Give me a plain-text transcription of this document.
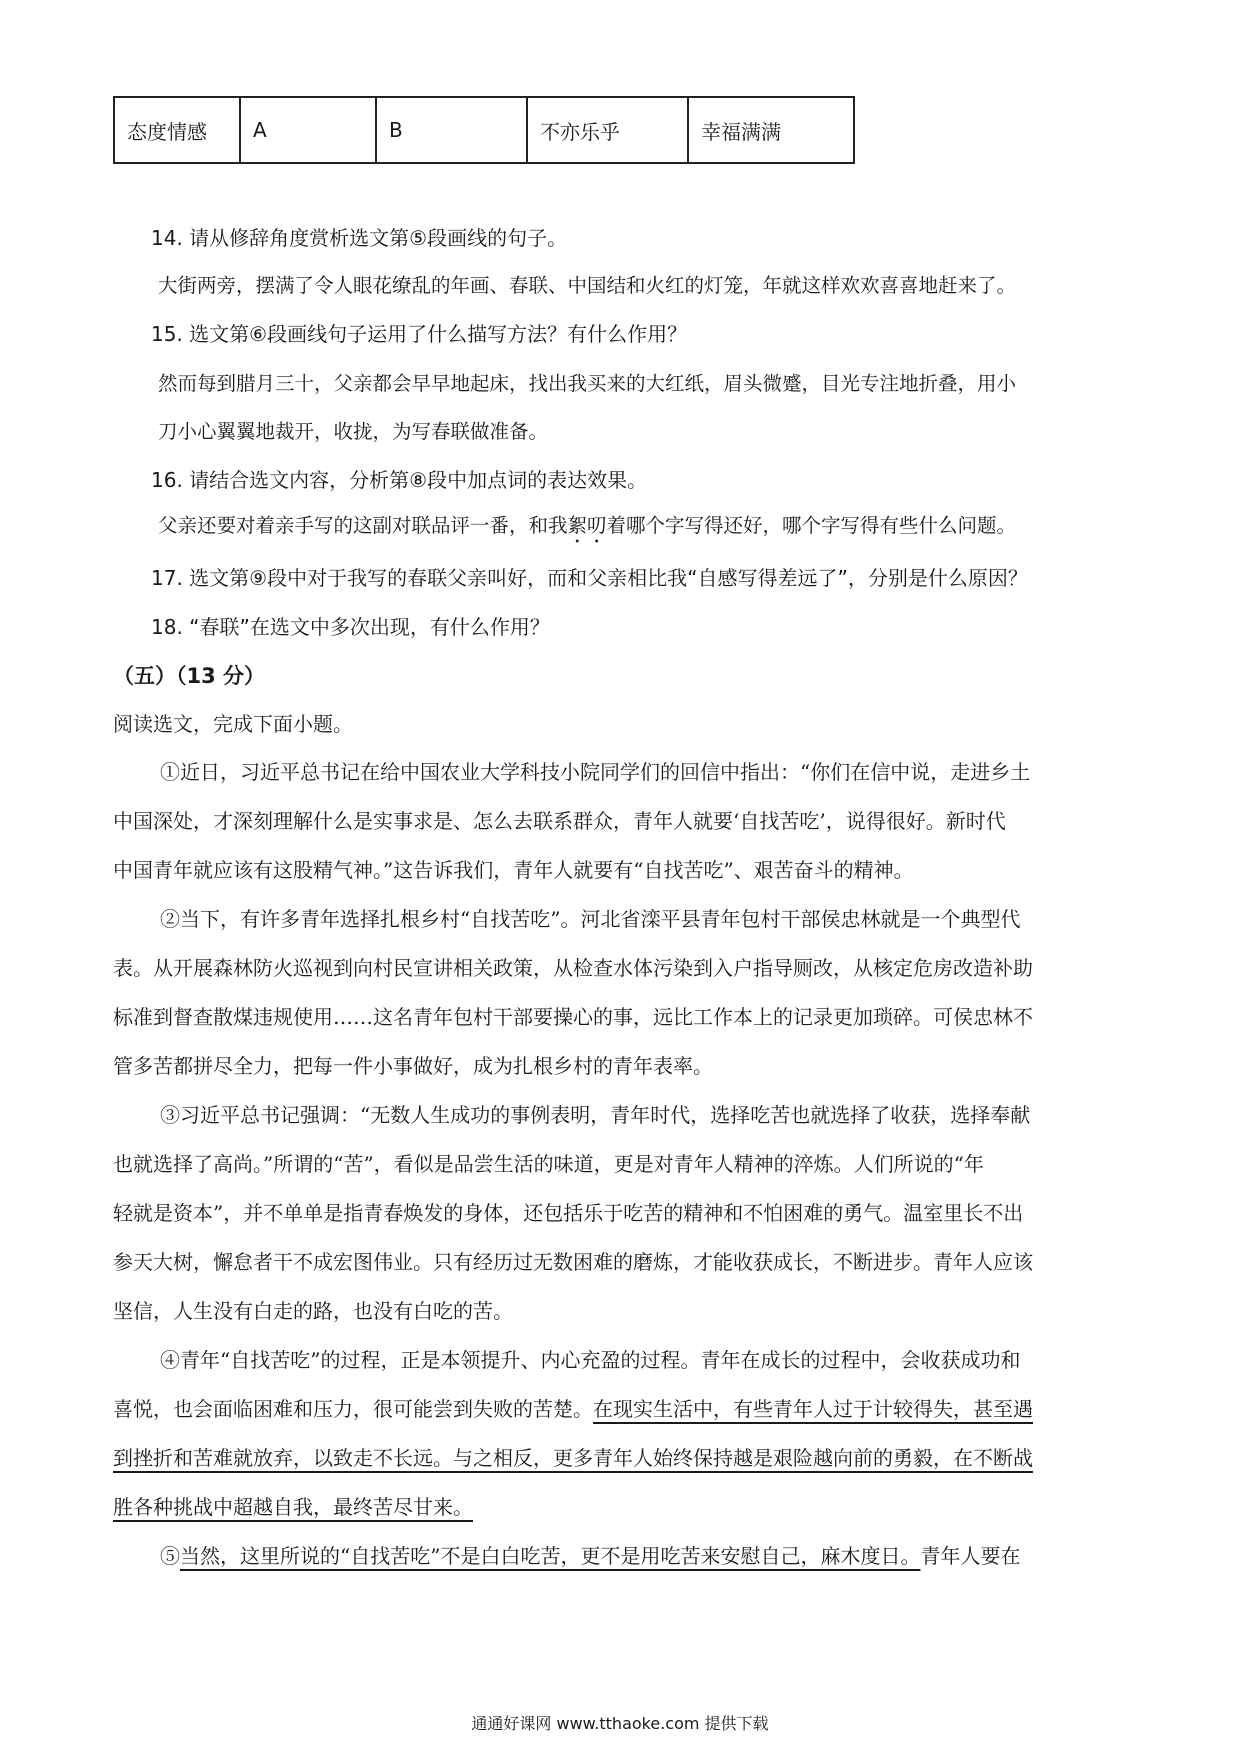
态度情感	A	B	不亦乐乎	幸福满满
14. 请从修辞角度赏析选文第⑤段画线的句子。
大街两旁，摆满了令人眼花缭乱的年画、春联、中国结和火红的灯笼，年就这样欢欢喜喜地赶来了。
15. 选文第⑥段画线句子运用了什么描写方法？有什么作用？
然而每到腊月三十，父亲都会早早地起床，找出我买来的大红纸，眉头微蹙，目光专注地折叠，用小
刀小心翼翼地裁开，收拢，为写春联做准备。
16. 请结合选文内容，分析第⑧段中加点词的表达效果。
父亲还要对着亲手写的这副对联品评一番，和我絮叨着哪个字写得还好，哪个字写得有些什么问题。
17. 选文第⑨段中对于我写的春联父亲叫好，而和父亲相比我“自感写得差远了”，分别是什么原因？
18. “春联”在选文中多次出现，有什么作用？
（五）（13 分）
阅读选文，完成下面小题。
①近日，习近平总书记在给中国农业大学科技小院同学们的回信中指出：“你们在信中说，走进乡土
中国深处，才深刻理解什么是实事求是、怎么去联系群众，青年人就要‘自找苦吃’，说得很好。新时代
中国青年就应该有这股精气神。”这告诉我们，青年人就要有“自找苦吃”、艰苦奋斗的精神。
②当下，有许多青年选择扎根乡村“自找苦吃”。河北省滦平县青年包村干部侯忠林就是一个典型代
表。从开展森林防火巡视到向村民宣讲相关政策，从检查水体污染到入户指导厕改，从核定危房改造补助
标准到督查散煤违规使用……这名青年包村干部要操心的事，远比工作本上的记录更加琐碎。可侯忠林不
管多苦都拼尽全力，把每一件小事做好，成为扎根乡村的青年表率。
③习近平总书记强调：“无数人生成功的事例表明，青年时代，选择吃苦也就选择了收获，选择奉献
也就选择了高尚。”所谓的“苦”，看似是品尝生活的味道，更是对青年人精神的淬炼。人们所说的“年
轻就是资本”，并不单单是指青春焕发的身体，还包括乐于吃苦的精神和不怕困难的勇气。温室里长不出
参天大树，懈怠者干不成宏图伟业。只有经历过无数困难的磨炼，才能收获成长，不断进步。青年人应该
坚信，人生没有白走的路，也没有白吃的苦。
④青年“自找苦吃”的过程，正是本领提升、内心充盈的过程。青年在成长的过程中，会收获成功和
喜悦，也会面临困难和压力，很可能尝到失败的苦楚。在现实生活中，有些青年人过于计较得失，甚至遇
到挫折和苦难就放弃，以致走不长远。与之相反，更多青年人始终保持越是艰险越向前的勇毅，在不断战
胜各种挑战中超越自我，最终苦尽甘来。
⑤当然，这里所说的“自找苦吃”不是白白吃苦，更不是用吃苦来安慰自己，麻木度日。青年人要在
通通好课网 www.tthaoke.com 提供下载
